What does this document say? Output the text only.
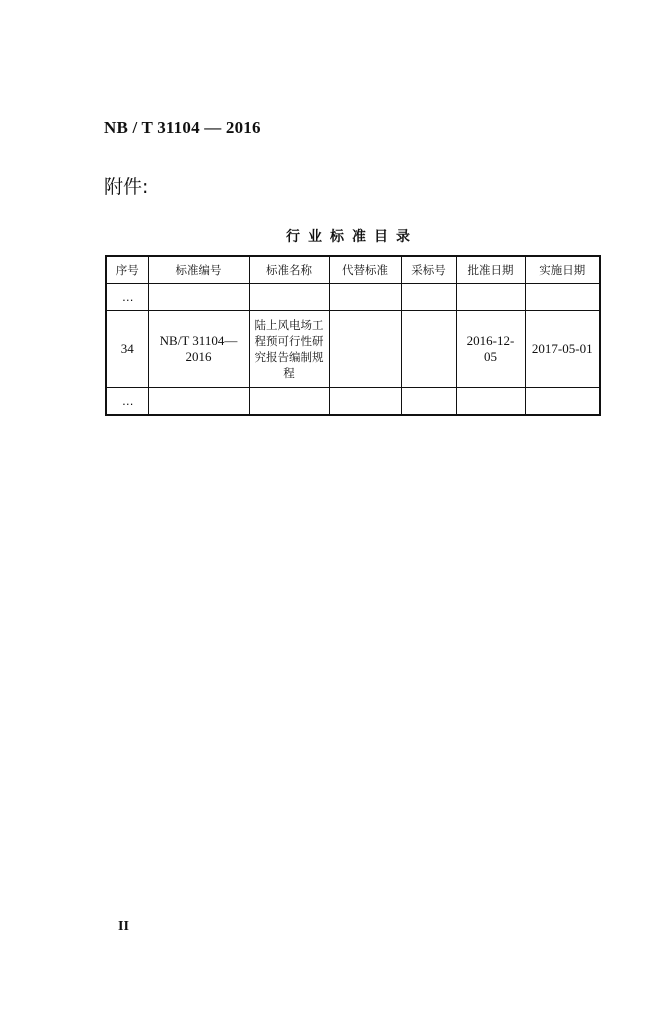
NB / T 31104 — 2016
附件:
行业标准目录
序号	标准编号	标准名称	代替标准	采标号	批准日期	实施日期
…						
34	NB/T 31104—2016	陆上风电场工程预可行性研究报告编制规程			2016-12-05	2017-05-01
…						
II
